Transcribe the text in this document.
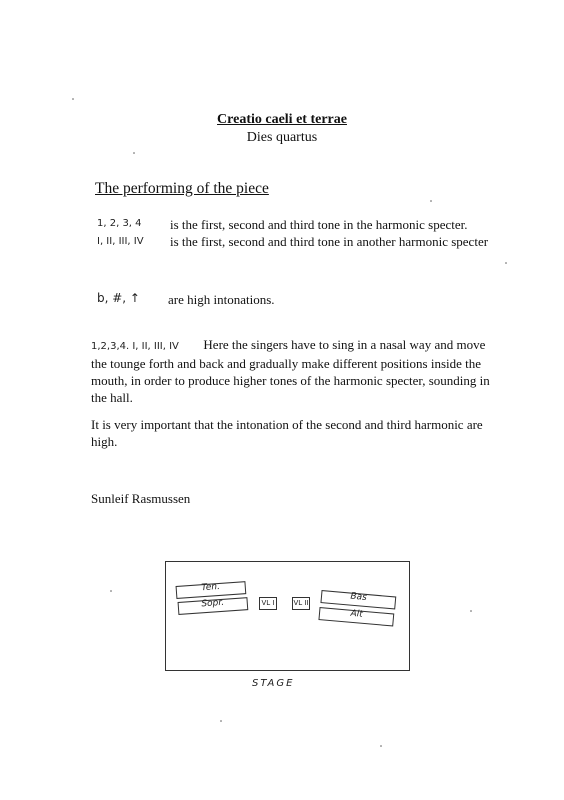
Creatio caeli et terrae
Dies quartus
The performing of the piece
1, 2, 3, 4 is the first, second and third tone in the harmonic specter.
I, II, III, IV is the first, second and third tone in another harmonic specter
b, #, ↑ are high intonations.
1,2,3,4. I, II, III, IV Here the singers have to sing in a nasal way and move the tounge forth and back and gradually make different positions inside the mouth, in order to produce higher tones of the harmonic specter, sounding in the hall.
It is very important that the intonation of the second and third harmonic are high.
Sunleif Rasmussen
Ten.
Sopr.	VL I	VL II
Bas
Alt
STAGE
